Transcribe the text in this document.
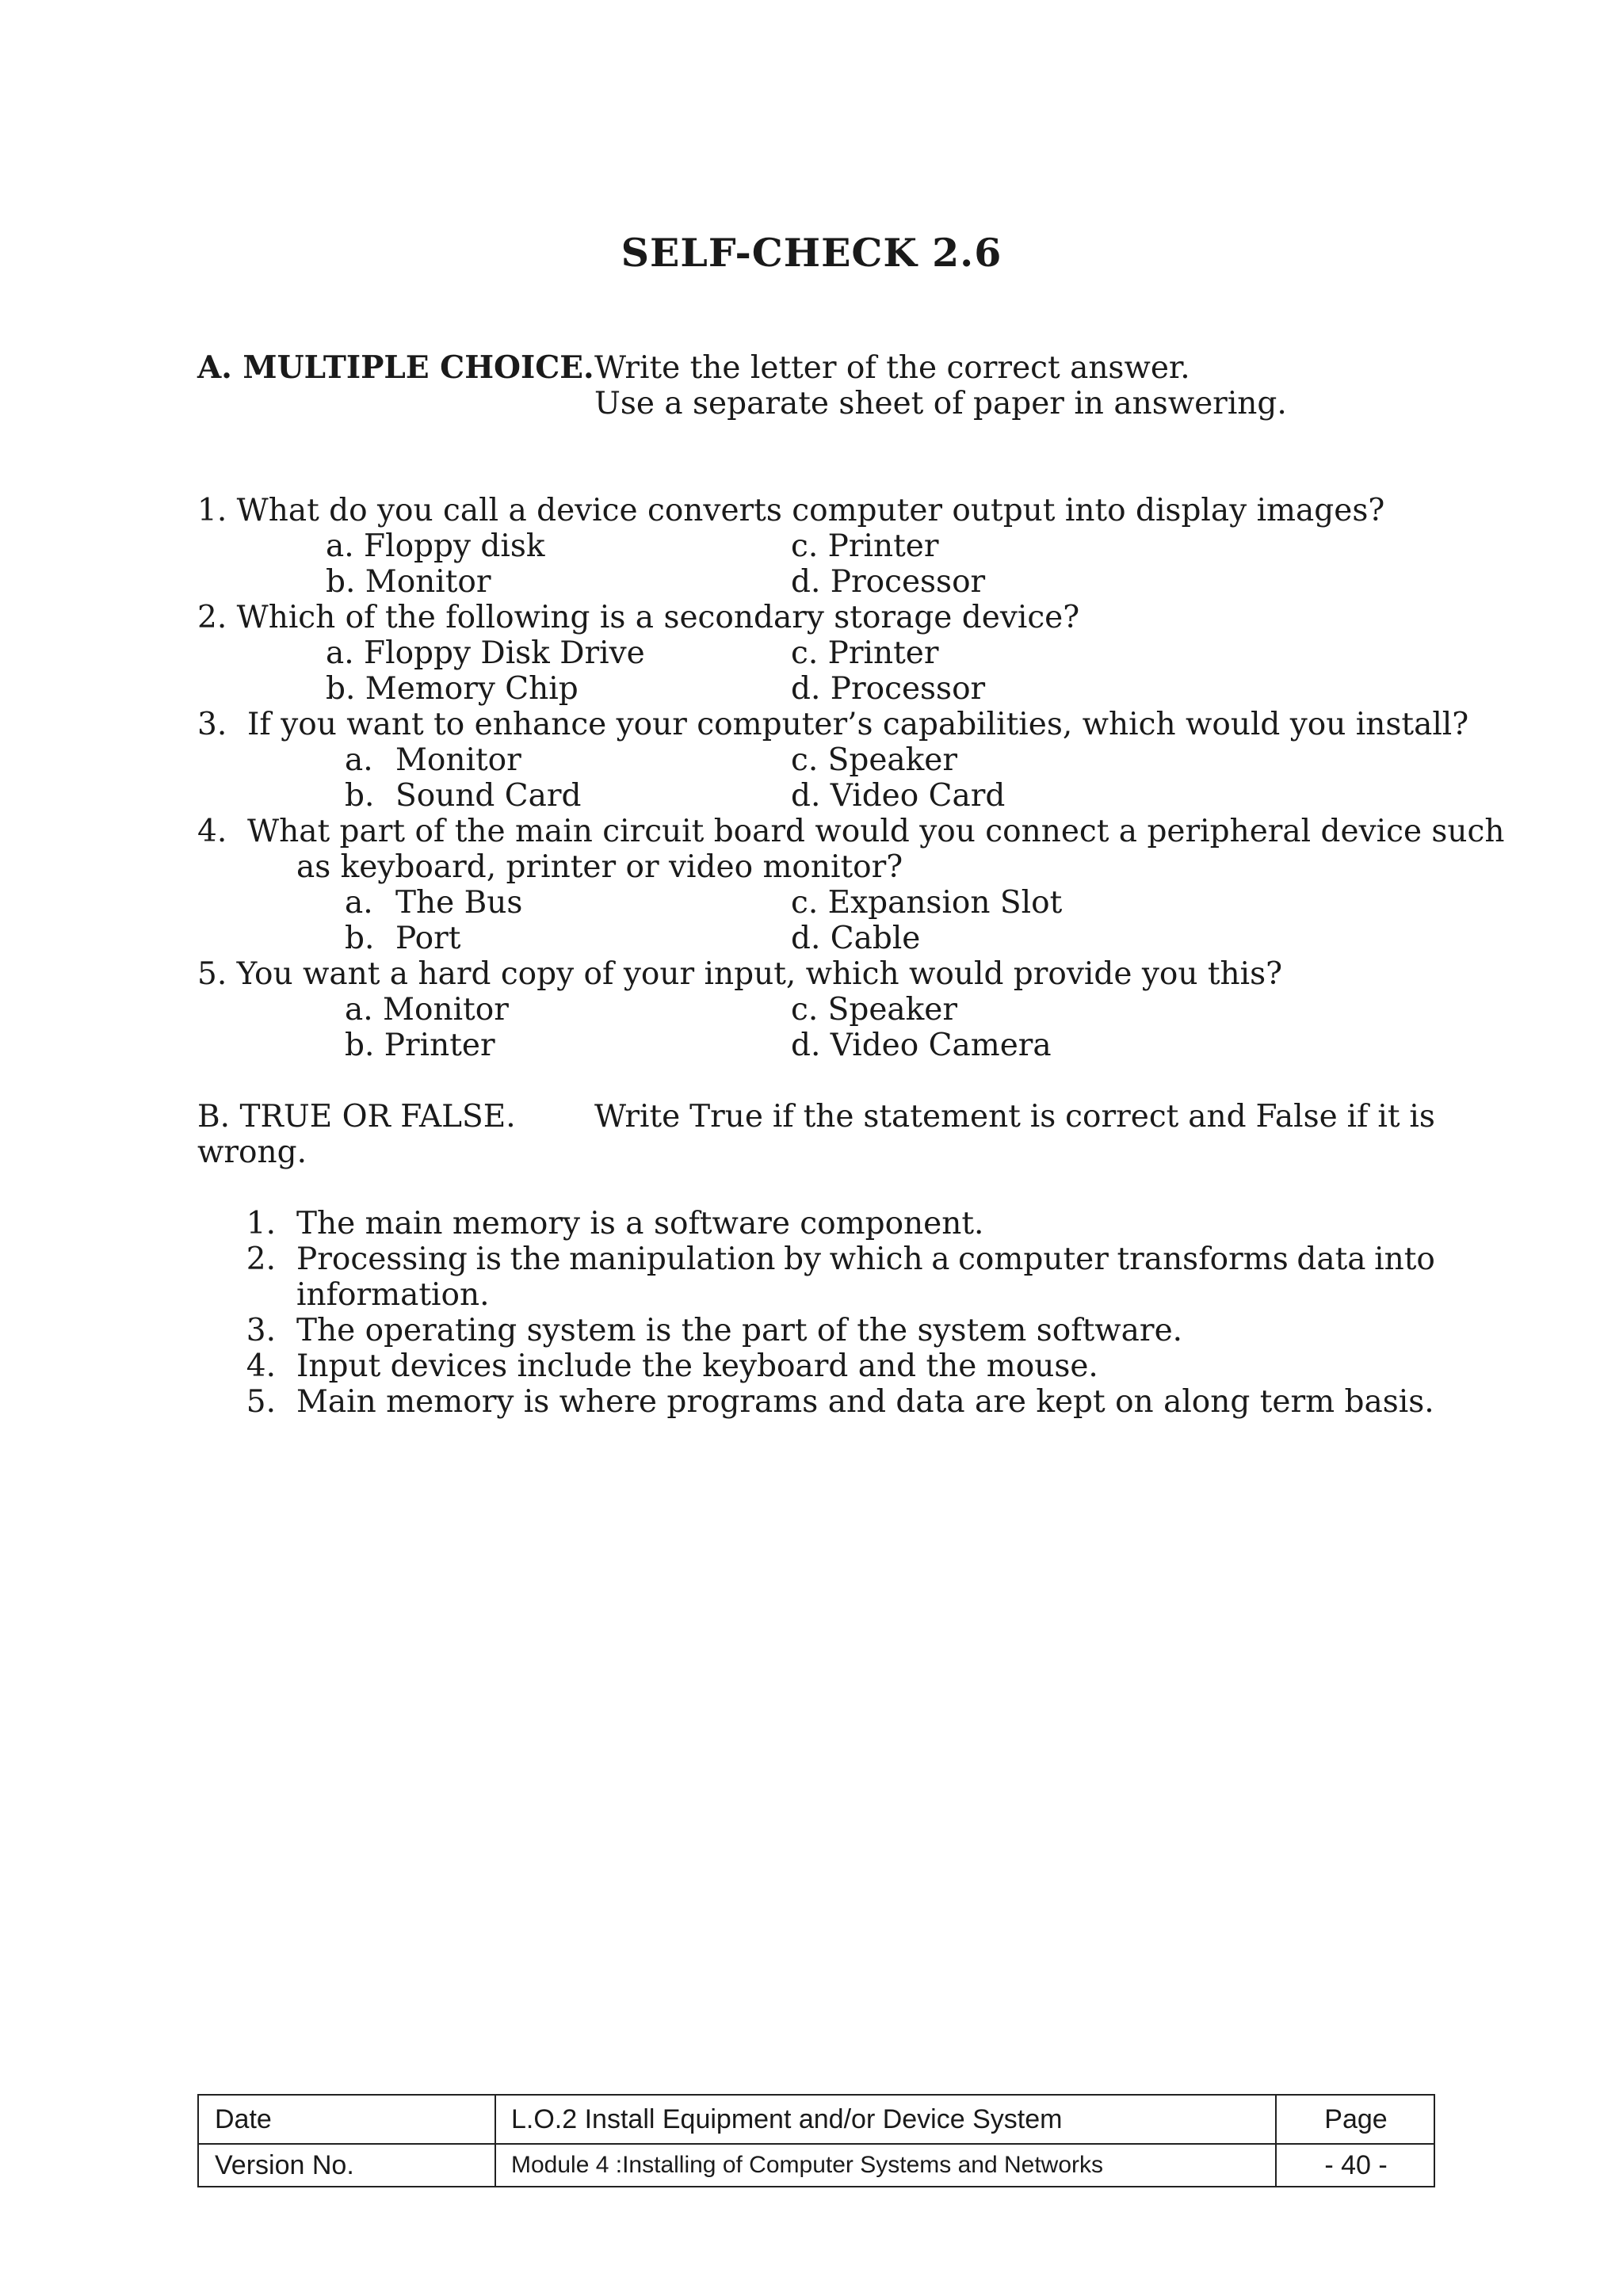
SELF-CHECK 2.6
A. MULTIPLE CHOICE. Write the letter of the correct answer.
Use a separate sheet of paper in answering.
1. What do you call a device converts computer output into display images?
a. Floppy disk	c. Printer
b. Monitor	d. Processor
2. Which of the following is a secondary storage device?
a. Floppy Disk Drive	c. Printer
b. Memory Chip	d. Processor
3. If you want to enhance your computer’s capabilities, which would you install?
a. Monitor	c. Speaker
b. Sound Card	d. Video Card
4. What part of the main circuit board would you connect a peripheral device such
as keyboard, printer or video monitor?
a. The Bus	c. Expansion Slot
b. Port	d. Cable
5. You want a hard copy of your input, which would provide you this?
a. Monitor	c. Speaker
b. Printer	d. Video Camera
B. TRUE OR FALSE.	Write True if the statement is correct and False if it is
wrong.
1. The main memory is a software component.
2. Processing is the manipulation by which a computer transforms data into
information.
3. The operating system is the part of the system software.
4. Input devices include the keyboard and the mouse.
5. Main memory is where programs and data are kept on along term basis.
Date	L.O.2 Install Equipment and/or Device System	Page
Version No.	Module 4 :Installing of Computer Systems and Networks	- 40 -
